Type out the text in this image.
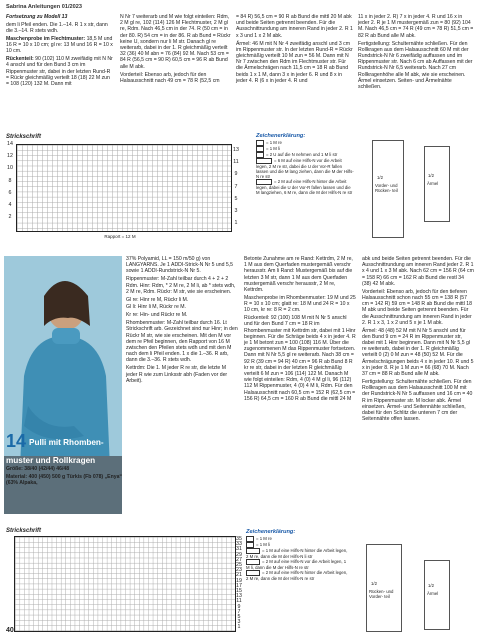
Sabrina Anleitungen 01/2023

Fortsetzung zu Modell 13

dem li Pfeil enden. Die 1.–14. R 1 x str, dann die 3.–14. R stets wdh.

Maschenprobe im Flechtmuster: 18,5 M und 16 R = 10 x 10 cm; gl re: 13 M und 16 R = 10 x 10 cm.

Rückenteil: 90 (102) 110 M zweifädig mit N Nr 4 anschl und für den Bund 3 cm im Rippenmuster str, dabei in der letzten Rund-R = Rückr gleichmäßig verteilt 18 (18) 22 M zun = 108 (120) 132 M. Dann mit

N Nr 7 weiterarb und M wie folgt einteilen: Rdm, 2 M gl re, 102 (114) 126 M Flechtmuster, 2 M gl re, Rdm. Nach 46,5 cm in der 74. R (50 cm = in der 80. R) 54 cm = in der 86. R ab Bund = Rückr keine U, sondern nur li M str. Danach gl re weiterarb, dabei in der 1. R gleichmäßig verteilt 32 (36) 40 M abn = 76 (84) 92 M. Nach 53 cm = 84 R (56,5 cm = 90 R) 60,5 cm = 96 R ab Bund alle M abk.

Vorderteil: Ebenso arb, jedoch für den Halsausschnitt nach 49 cm = 78 R (52,5 cm

= 84 R) 56,5 cm = 90 R ab Bund die mittl 20 M abk und beide Seiten getrennt beenden. Für die Ausschnittrundung am inneren Rand in jeder 2. R 1 x 3 und 1 x 2 M abk.

Ärmel: 46 M mit N Nr 4 zweifädig anschl und 3 cm im Rippenmuster str. In der letzten Rund-R = Rückr gleichmäßig verteilt 10 M zun = 56 M. Dann mit N Nr 7 zwischen den Rdm im Flechtmuster str. Für die Ärmelschrägen nach 11,5 cm = 18 R ab Bund beids 1 x 1 M, dann 3 x in jeder 6. R und 8 x in jeder 4. R (6 x in jeder 4. R und

11 x in jeder 2. R) 7 x in jeder 4. R und 16 x in jeder 2. R je 1 M mustergemäß zun = 80 (92) 104 M. Nach 46,5 cm = 74 R (49 cm = 78 R) 51,5 cm = 82 R ab Bund alle M abk.

Fertigstellung: Schulternähte schließen. Für den Rollkragen aus dem Halsausschnitt 60 M mit der Rundstrick-N Nr 6 zweifädig auffassen und im Rippenmuster str. Nach 6 cm ab Auffassen mit der Rundstrick-N Nr 6,5 weiterarb. Nach 27 cm Rollkragenhöhe alle M abk, wie sie erscheinen. Ärmel einsetzen. Seiten- und Ärmelnähte schließen.

Strickschrift
14
12
10
8
6
4
2
13
11
9
7
5
3
1
Rapport = 12 M
Zeichenerklärung:
= 1 M re
= 1 M li
= 2 U auf die N nehmen und 1 M li str
= 6 M auf eine Hilfs-N vor die Arbeit legen, 2 M re str, dabei die U der Vor-R fallen lassen und die M lang ziehen, dann die M der Hilfs-N re str
= 2 M auf eine Hilfs-N hinter die Arbeit legen, dabei die U der Vor-R fallen lassen und die M langziehen, 6 M re, dann die M der Hilfs-N re str
1/2
Vorder- und Rücken- teil
1/2
Ärmel
14 Pulli mit Rhomben-muster und Rollkragen

Größe: 38/40 (42/44) 46/48

Material: 400 (450) 500 g Türkis (Fb 078) „Enya“ (63% Alpaka,

37% Polyamid, LL = 150 m/50 g) von LANGYARNS. Je 1 ADDI-Strick-N Nr 5 und 5,5 sowie 1 ADDI-Rundstrick-N Nr 5.

Rippenmuster: M-Zahl teilbar durch 4 + 2 + 2 Rdm. Hinr: Rdm, * 2 M re, 2 M li, ab * stets wdh, 2 M re, Rdm. Rückr: M str, wie sie erscheinen.

Gl re: Hinr re M, Rückr li M.

Gl li: Hinr li M, Rückr re M.

Kr re: Hin- und Rückr re M.

Rhombenmuster: M-Zahl teilbar durch 16. Lt Strickschrift arb. Gezeichnet sind nur Hinr; in den Rückr M str, wie sie erscheinen. Mit den M vor dem re Pfeil beginnen, den Rapport von 16 M zwischen den Pfeilen stets wdh und mit den M nach dem li Pfeil enden. 1 x die 1.–36. R arb, dann die 3.–36. R stets wdh.

Kettrdm: Die 1. M jeder R re str, die letzte M jeder R wie zum Linksstr abh (Faden vor der Arbeit).

Betonte Zunahme am re Rand: Kettrdm, 2 M re, 1 M aus dem Querfaden mustergemäß verschr herausstr. Am li Rand: Mustergemäß bis auf die letzten 3 M str, dann 1 M aus dem Querfaden mustergemäß verschr herausstr, 2 M re, Kettrdm.

Maschenprobe im Rhombenmuster: 19 M und 25 R = 10 x 10 cm; glatt re: 18 M und 24 R = 10 x 10 cm, kr re: 8 R = 2 cm.

Rückenteil: 92 (100) 108 M mit N Nr 5 anschl und für den Bund 7 cm = 18 R im Rhombenmuster mit Kettrdm str, dabei mit 1 Hinr beginnen. Für die Schräge beids 4 x in jeder 4. R je 1 M betont zun = 100 (108) 116 M. Über die zugenommenen M das Rippenmuster fortsetzen. Dann mit N Nr 5,5 gl re weiterarb. Nach 38 cm = 92 R (39 cm = 94 R) 40 cm = 96 R ab Bund 8 R kr re str, dabei in der letzten R gleichmäßig verteilt 6 M zun = 106 (114) 122 M. Danach M wie folgt einteilen: Rdm, 4 (0) 4 M gl li, 96 (112) 112 M Rippenmuster, 4 (0) 4 M li, Rdm. Für den Halsausschnitt nach 60,5 cm = 152 R (62,5 cm = 156 R) 64,5 cm = 160 R ab Bund die mittl 24 M

abk und beide Seiten getrennt beenden. Für die Ausschnittrundung am inneren Rand jeder 2. R 1 x 4 und 1 x 3 M abk. Nach 62 cm = 156 R (64 cm = 158 R) 66 cm = 162 R ab Bund die restl 34 (38) 42 M abk.

Vorderteil: Ebenso arb, jedoch für den tieferen Halsausschnitt schon nach 55 cm = 138 R (57 cm = 142 R) 59 cm = 148 R ab Bund die mittl 18 M abk und beide Seiten getrennt beenden. Für die Ausschnittrundung am inneren Rand in jeder 2. R 1 x 3, 1 x 2 und 5 x je 1 M abk.

Ärmel: 48 (48) 52 M mit N Nr 5 anschl und für den Bund 9 cm = 24 R im Rippenmuster str, dabei mit 1 Hinr beginnen. Dann mit N Nr 5,5 gl re weiterarb, dabei in der 1. R gleichmäßig verteilt 0 (2) 0 M zun = 48 (50) 52 M. Für die Ärmelschrägungen beids 4 x in jeder 10. R und 5 x in jeder 8. R je 1 M zun = 66 (68) 70 M. Nach 37 cm = 88 R ab Bund alle M abk.

Fertigstellung: Schulternähte schließen. Für den Rollkragen aus dem Halsausschnitt 100 M mit der Rundstrick-N Nr 5 auffassen und 16 cm = 40 R im Rippenmuster str. M locker abk. Ärmel einsetzen. Ärmel- und Seitennähte schließen, dabei für den Schlitz die unteren 7 cm der Seitennähte offen lassen.

Strickschrift
35
33
31
29
27
25
23
21
19
17
15
13
11
9
7
5
3
1
Zeichenerklärung:
= 1 M re
= 1 M li
= 1 M auf eine Hilfs-N hinter die Arbeit legen, 2 M re, dann die M der Hilfs-N li str
= 2 M auf eine Hilfs-N vor die Arbeit legen, 1 M li, dann die M der Hilfs-N re str
= 2 M auf eine Hilfs-N hinter die Arbeit legen, 2 M re, dann die M der Hilfs-N re str
1/2
Rücken- und Vorder- teil
1/2
Ärmel
40
